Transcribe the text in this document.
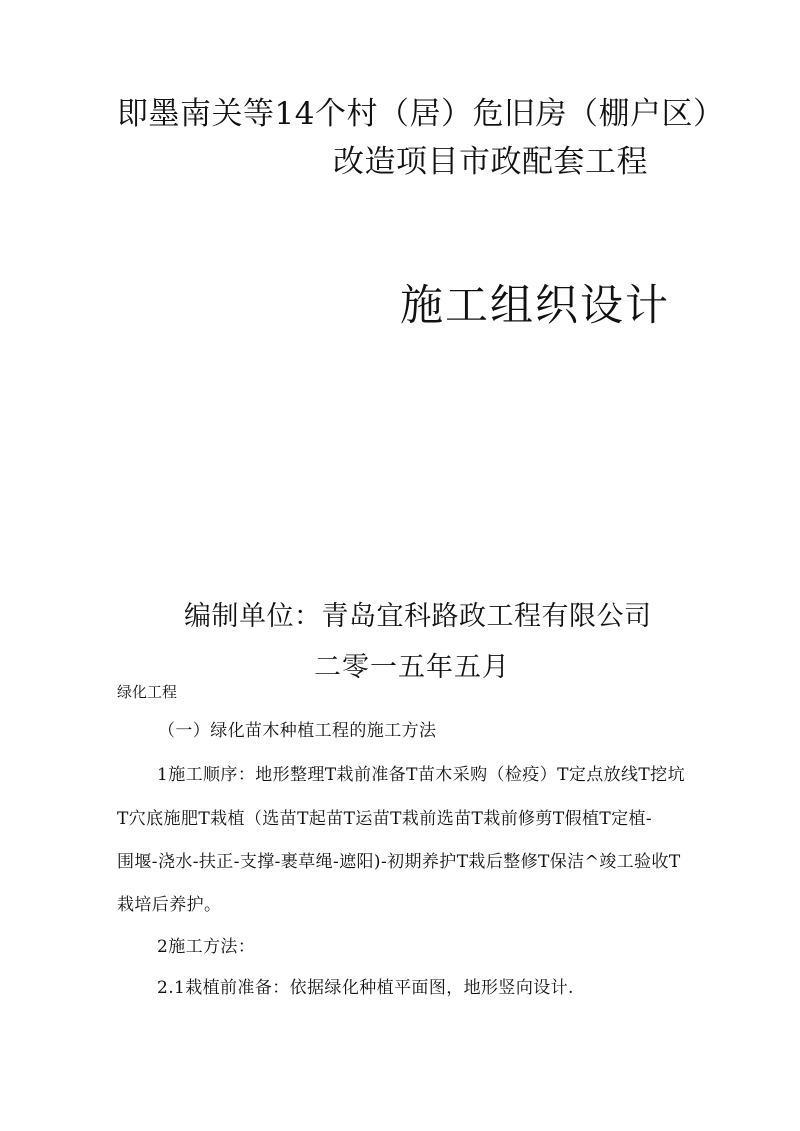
即墨南关等14个村（居）危旧房（棚户区）
改造项目市政配套工程
施工组织设计
编制单位：青岛宜科路政工程有限公司
二零一五年五月
绿化工程
（一）绿化苗木种植工程的施工方法
1施工顺序：地形整理T栽前准备T苗木采购（检疫）T定点放线T挖坑
T穴底施肥T栽植（选苗T起苗T运苗T栽前选苗T栽前修剪T假植T定植-
围堰-浇水-扶正-支撑-裹草绳-遮阳)-初期养护T栽后整修T保洁^竣工验收T
栽培后养护。
2施工方法：
2.1栽植前准备：依据绿化种植平面图，地形竖向设计.
